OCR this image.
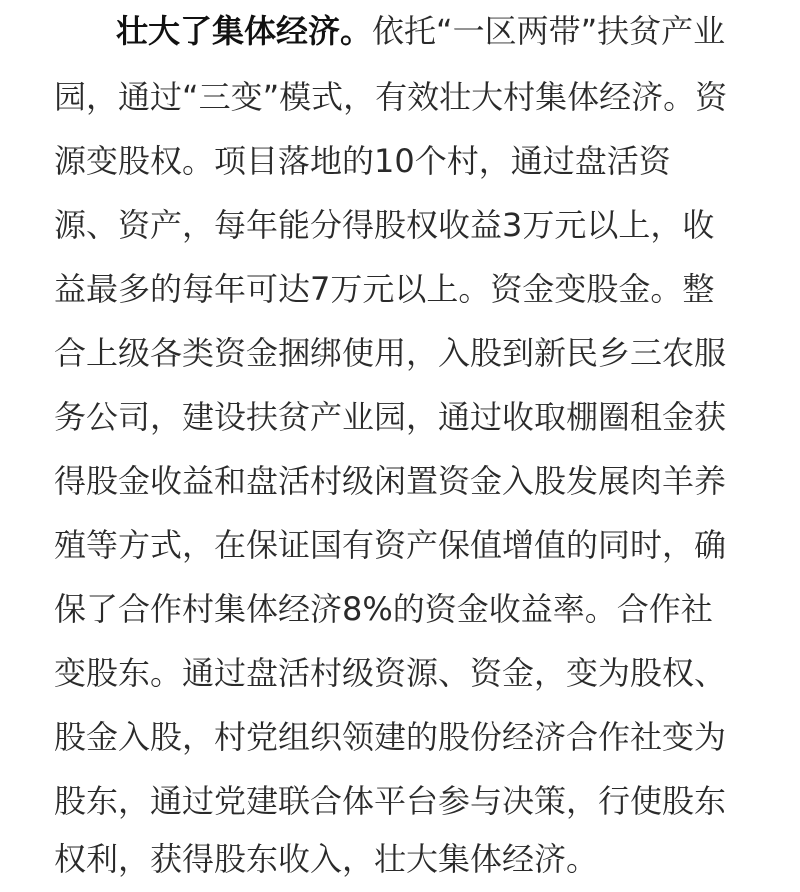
壮大了集体经济。依托“一区两带”扶贫产业
园，通过“三变”模式，有效壮大村集体经济。资
源变股权。项目落地的10个村，通过盘活资
源、资产，每年能分得股权收益3万元以上，收
益最多的每年可达7万元以上。资金变股金。整
合上级各类资金捆绑使用，入股到新民乡三农服
务公司，建设扶贫产业园，通过收取棚圈租金获
得股金收益和盘活村级闲置资金入股发展肉羊养
殖等方式，在保证国有资产保值增值的同时，确
保了合作村集体经济8%的资金收益率。合作社
变股东。通过盘活村级资源、资金，变为股权、
股金入股，村党组织领建的股份经济合作社变为
股东，通过党建联合体平台参与决策，行使股东
权利，获得股东收入，壮大集体经济。
